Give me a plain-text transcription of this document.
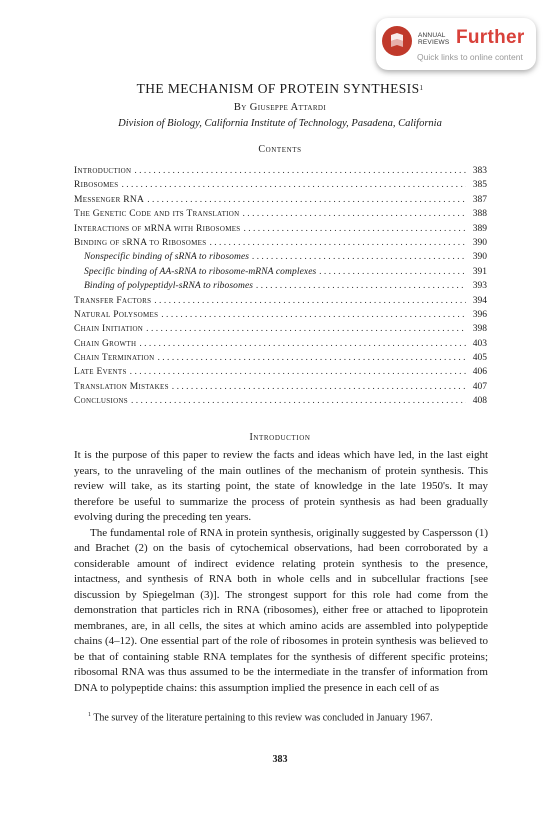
ANNUAL
REVIEWS Further
Quick links to online content
THE MECHANISM OF PROTEIN SYNTHESIS$^1$
By Giuseppe Attardi
Division of Biology, California Institute of Technology, Pasadena, California
Contents
Introduction .....	383
Ribosomes .....	385
Messenger RNA .....	387
The Genetic Code and its Translation .....	388
Interactions of mRNA with Ribosomes .....	389
Binding of sRNA to Ribosomes .....	390
Nonspecific binding of sRNA to ribosomes .....	390
Specific binding of AA-sRNA to ribosome-mRNA complexes .....	391
Binding of polypeptidyl-sRNA to ribosomes .....	393
Transfer Factors .....	394
Natural Polysomes .....	396
Chain Initiation .....	398
Chain Growth .....	403
Chain Termination .....	405
Late Events .....	406
Translation Mistakes .....	407
Conclusions .....	408
Introduction

It is the purpose of this paper to review the facts and ideas which have led, in the last eight years, to the unraveling of the main outlines of the mechanism of protein synthesis. This review will take, as its starting point, the state of knowledge in the late 1950's. It may therefore be useful to summarize the process of protein synthesis as had been gradually evolving during the preceding ten years.

The fundamental role of RNA in protein synthesis, originally suggested by Caspersson (1) and Brachet (2) on the basis of cytochemical observations, had been corroborated by a considerable amount of indirect evidence relating protein synthesis to the presence, intactness, and synthesis of RNA both in whole cells and in subcellular fractions [see discussion by Spiegelman (3)]. The strongest support for this role had come from the demonstration that particles rich in RNA (ribosomes), either free or attached to lipoprotein membranes, are, in all cells, the sites at which amino acids are assembled into polypeptide chains (4–12). One essential part of the role of ribosomes in protein synthesis was believed to be that of containing stable RNA templates for the synthesis of different specific proteins; ribosomal RNA was thus assumed to be the intermediate in the transfer of information from DNA to polypeptide chains: this assumption implied the presence in each cell of as

$^1$ The survey of the literature pertaining to this review was concluded in January 1967.
383
